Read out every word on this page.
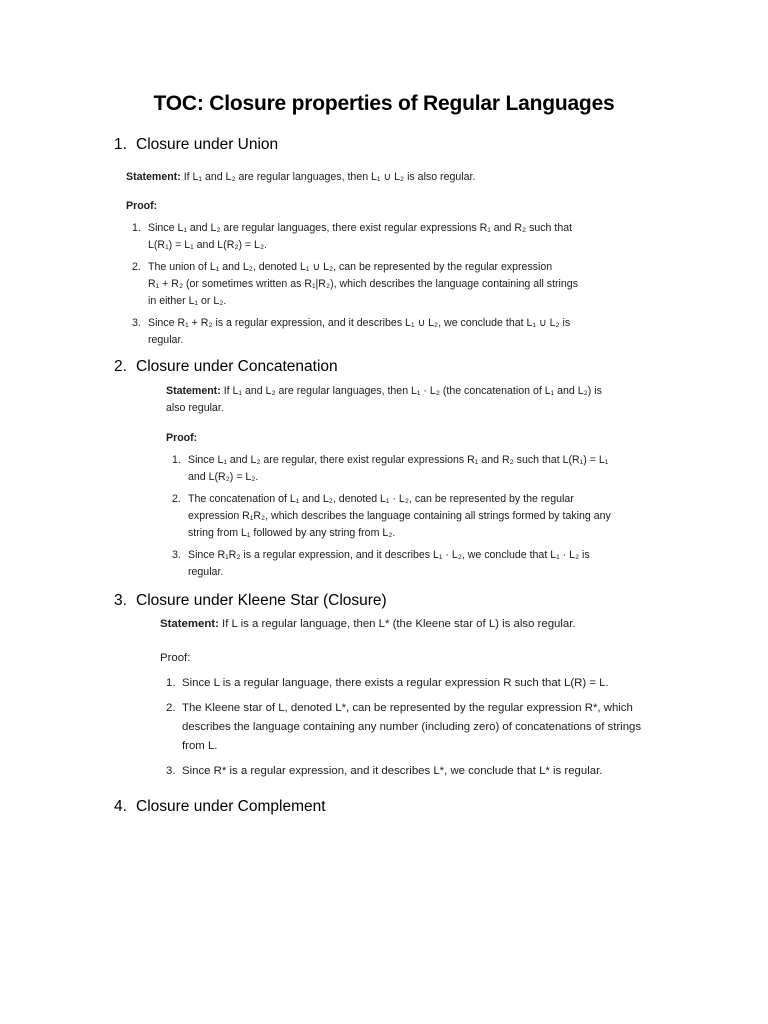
TOC: Closure properties of Regular Languages
1. Closure under Union

Statement: If L₁ and L₂ are regular languages, then L₁ ∪ L₂ is also regular.

Proof:
1. Since L₁ and L₂ are regular languages, there exist regular expressions R₁ and R₂ such that
L(R₁) = L₁ and L(R₂) = L₂.
2. The union of L₁ and L₂, denoted L₁ ∪ L₂, can be represented by the regular expression
R₁ + R₂ (or sometimes written as R₁|R₂), which describes the language containing all strings
in either L₁ or L₂.
3. Since R₁ + R₂ is a regular expression, and it describes L₁ ∪ L₂, we conclude that L₁ ∪ L₂ is
regular.
2. Closure under Concatenation

Statement: If L₁ and L₂ are regular languages, then L₁ · L₂ (the concatenation of L₁ and L₂) is
also regular.

Proof:
1. Since L₁ and L₂ are regular, there exist regular expressions R₁ and R₂ such that L(R₁) = L₁
and L(R₂) = L₂.
2. The concatenation of L₁ and L₂, denoted L₁ · L₂, can be represented by the regular
expression R₁R₂, which describes the language containing all strings formed by taking any
string from L₁ followed by any string from L₂.
3. Since R₁R₂ is a regular expression, and it describes L₁ · L₂, we conclude that L₁ · L₂ is
regular.
3. Closure under Kleene Star (Closure)

Statement: If L is a regular language, then L* (the Kleene star of L) is also regular.

Proof:
1. Since L is a regular language, there exists a regular expression R such that L(R) = L.
2. The Kleene star of L, denoted L*, can be represented by the regular expression R*, which
describes the language containing any number (including zero) of concatenations of strings
from L.
3. Since R* is a regular expression, and it describes L*, we conclude that L* is regular.
4. Closure under Complement
